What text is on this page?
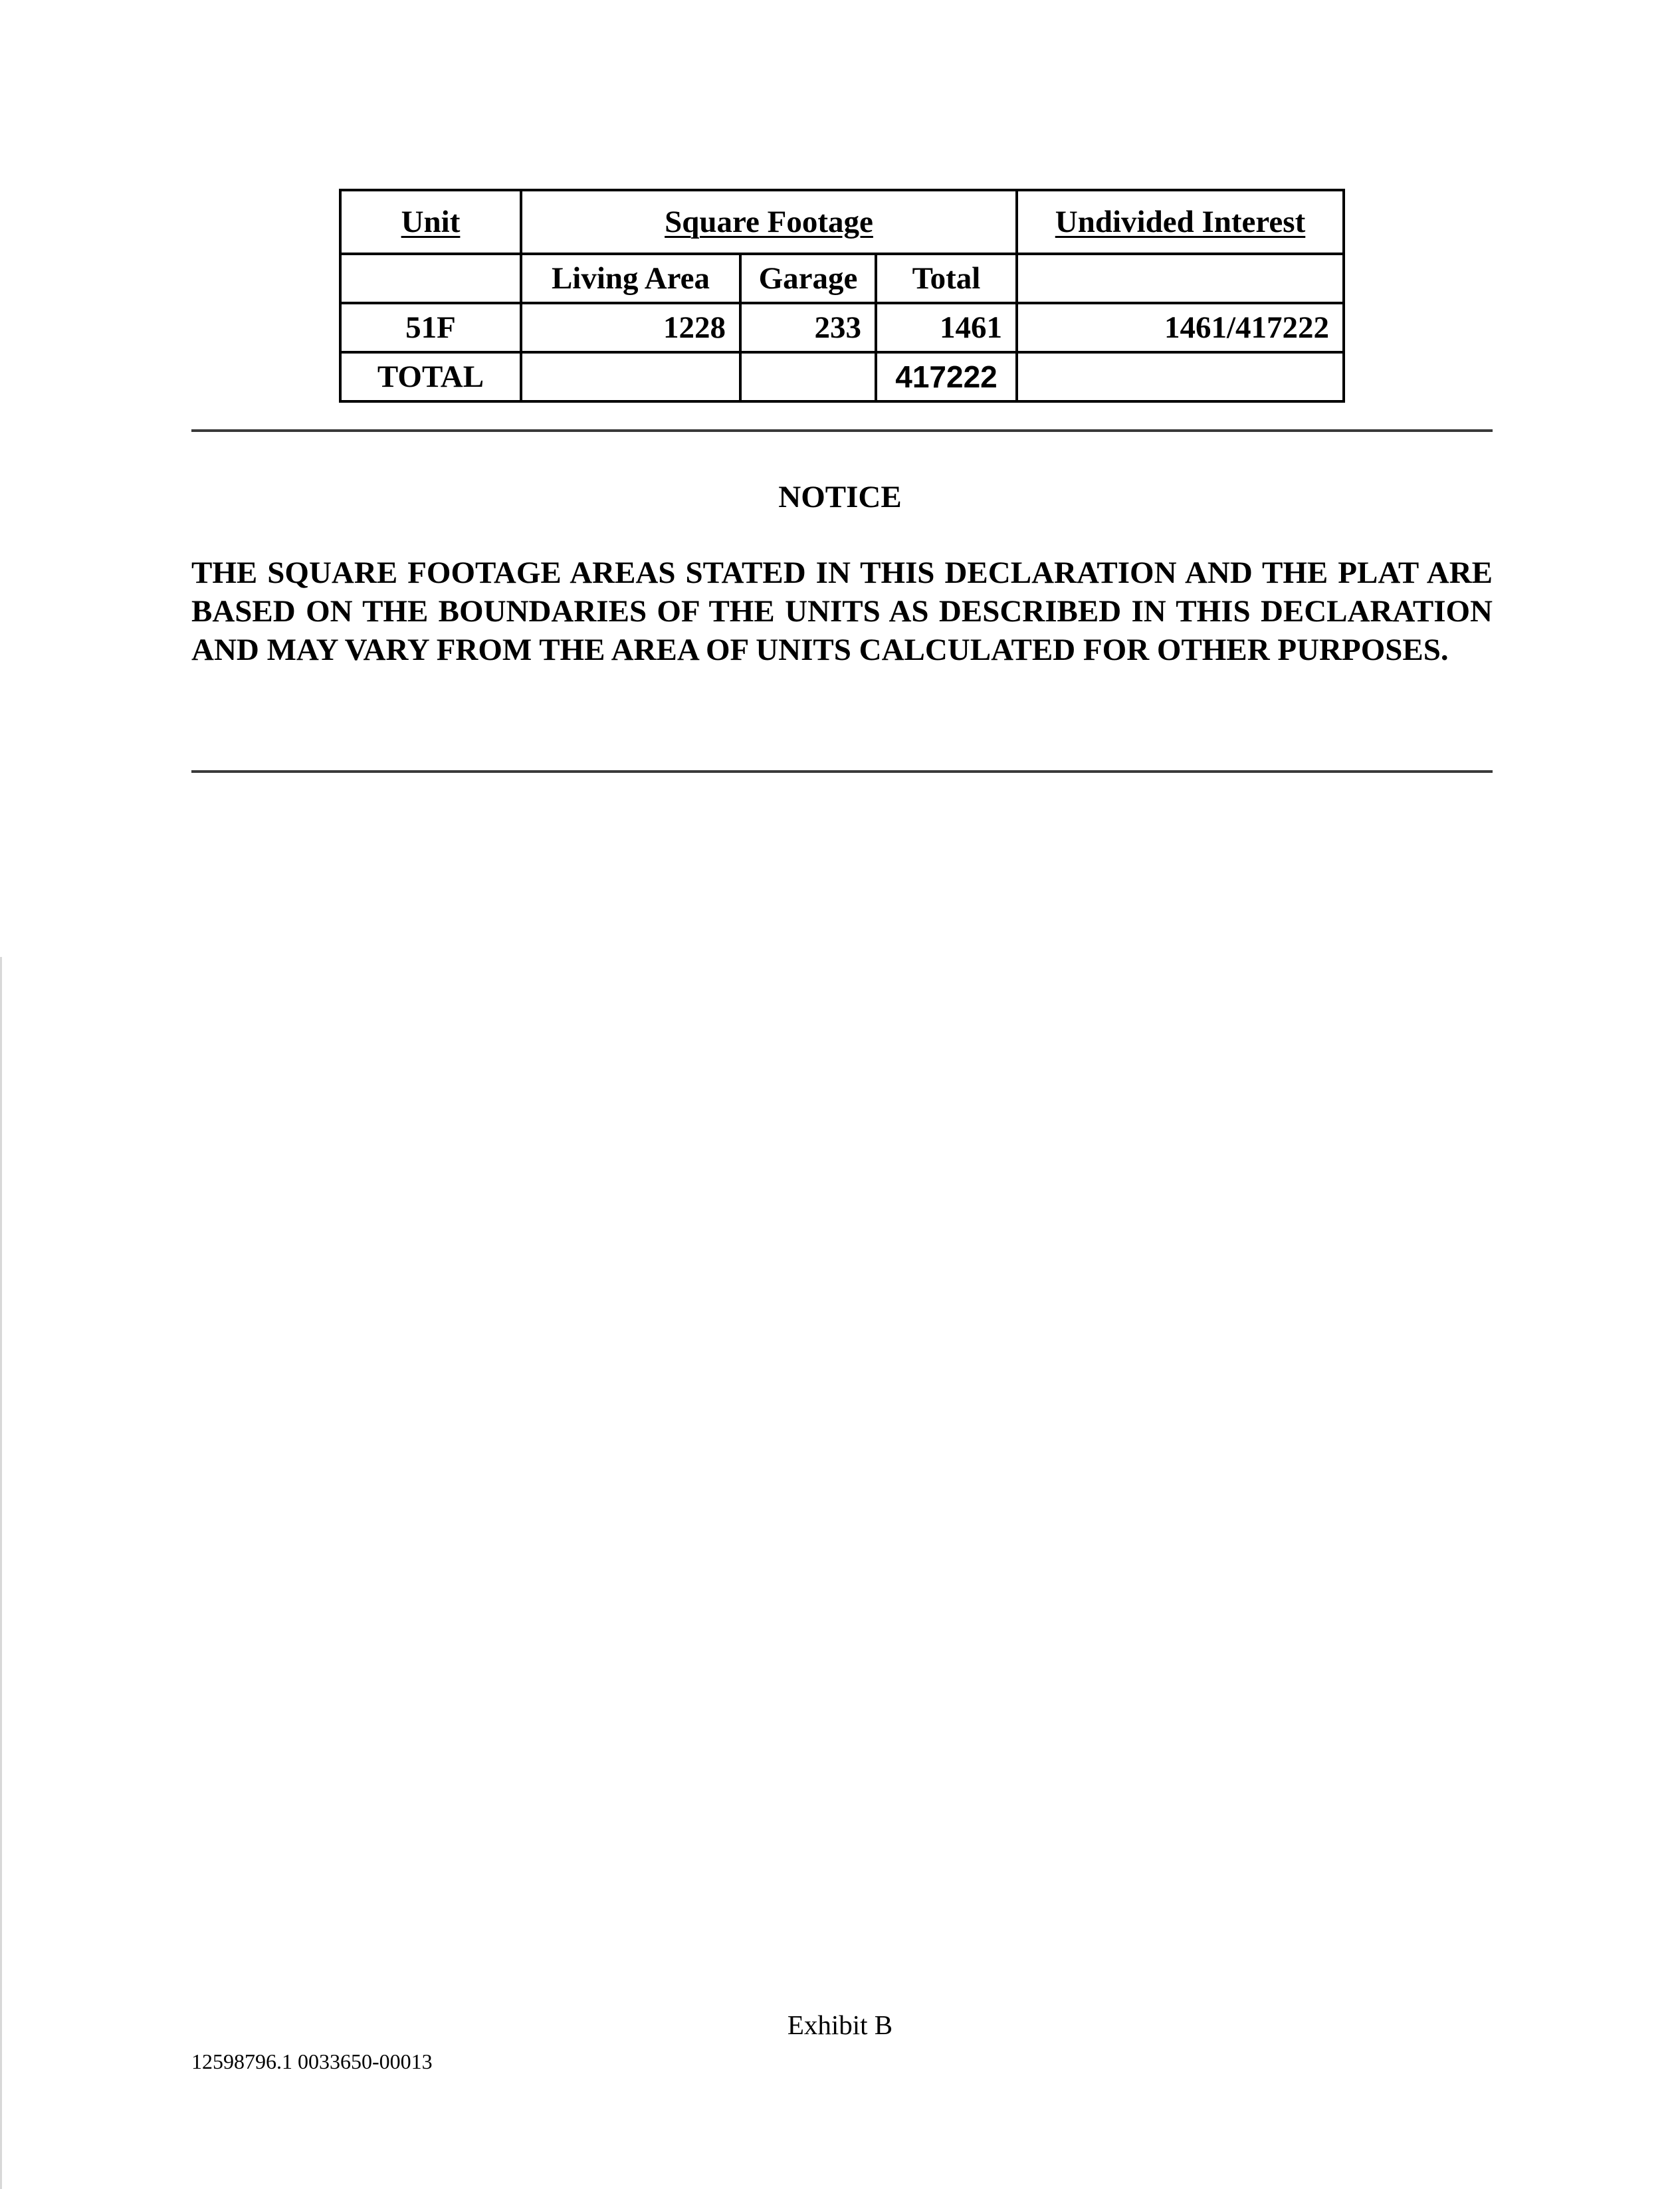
Unit	Square Footage			Undivided Interest
	Living Area	Garage	Total	
51F	1228	233	1461	1461/417222
TOTAL			417222	

NOTICE

THE SQUARE FOOTAGE AREAS STATED IN THIS DECLARATION AND THE PLAT ARE BASED ON THE BOUNDARIES OF THE UNITS AS DESCRIBED IN THIS DECLARATION AND MAY VARY FROM THE AREA OF UNITS CALCULATED FOR OTHER PURPOSES.

Exhibit B
12598796.1 0033650-00013
